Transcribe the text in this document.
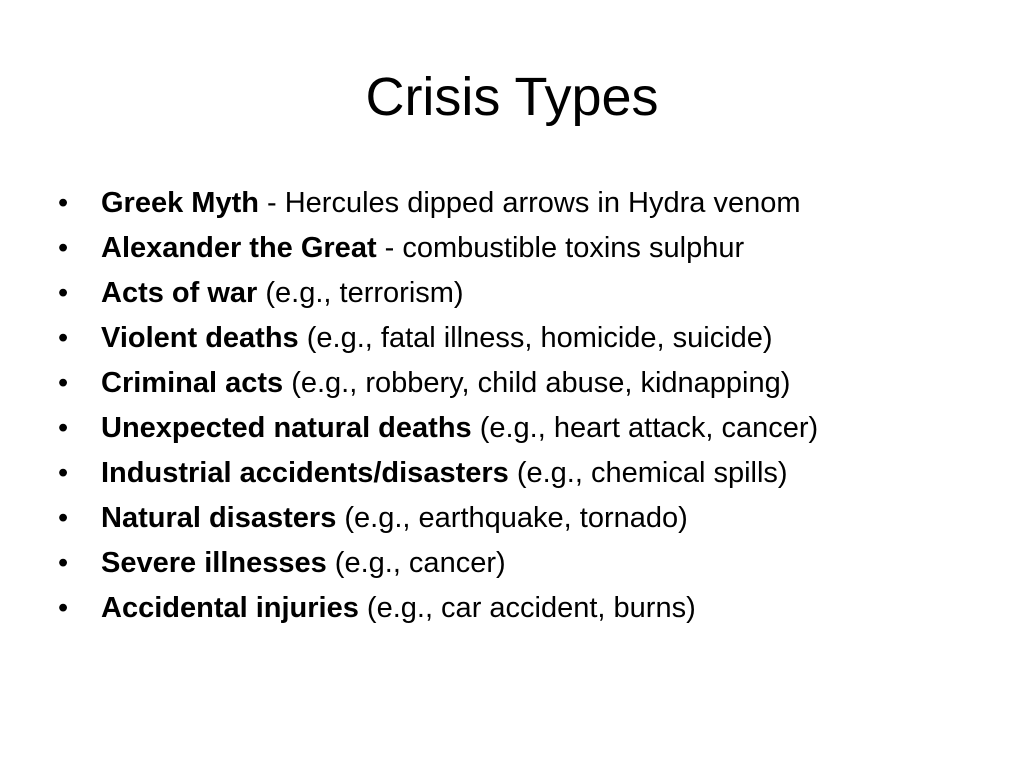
Crisis Types
•	Greek Myth - Hercules dipped arrows in Hydra venom
•	Alexander the Great - combustible toxins sulphur
•	Acts of war (e.g., terrorism)
•	Violent deaths (e.g., fatal illness, homicide, suicide)
•	Criminal acts (e.g., robbery, child abuse, kidnapping)
•	Unexpected natural deaths (e.g., heart attack, cancer)
•	Industrial accidents/disasters (e.g., chemical spills)
•	Natural disasters (e.g., earthquake, tornado)
•	Severe illnesses (e.g., cancer)
•	Accidental injuries (e.g., car accident, burns)
